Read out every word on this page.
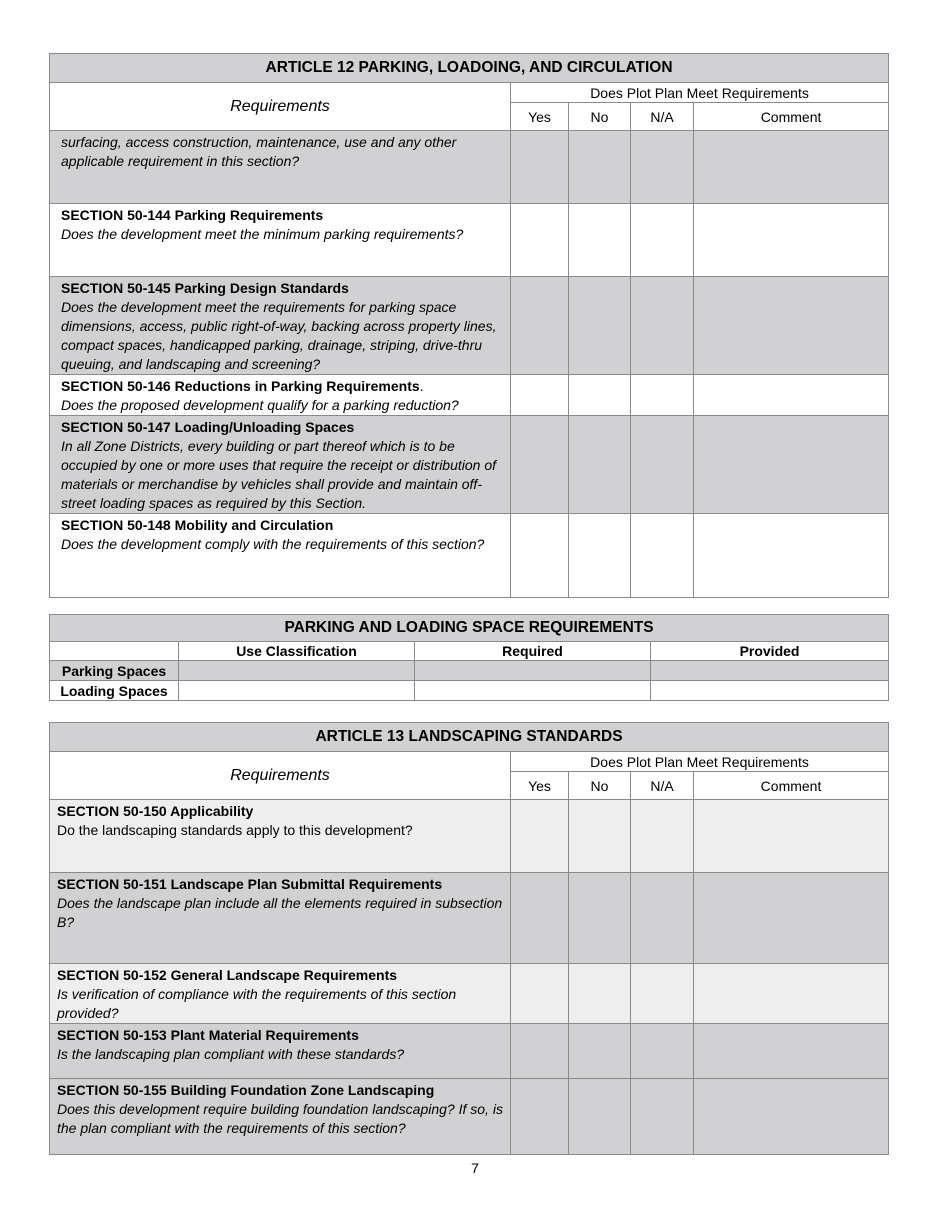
ARTICLE 12 PARKING, LOADOING, AND CIRCULATION				
Requirements	Does Plot Plan Meet Requirements			
	Yes	No	N/A	Comment

surfacing, access construction, maintenance, use and any other applicable requirement in this section?				

SECTION 50-144 Parking Requirements
Does the development meet the minimum parking requirements?				

SECTION 50-145 Parking Design Standards
Does the development meet the requirements for parking space dimensions, access, public right-of-way, backing across property lines, compact spaces, handicapped parking, drainage, striping, drive-thru queuing, and landscaping and screening?				

SECTION 50-146 Reductions in Parking Requirements.
Does the proposed development qualify for a parking reduction?				

SECTION 50-147 Loading/Unloading Spaces
In all Zone Districts, every building or part thereof which is to be occupied by one or more uses that require the receipt or distribution of materials or merchandise by vehicles shall provide and maintain off-street loading spaces as required by this Section.				

SECTION 50-148 Mobility and Circulation
Does the development comply with the requirements of this section?				

PARKING AND LOADING SPACE REQUIREMENTS			
	Use Classification	Required	Provided
Parking Spaces			
Loading Spaces			
ARTICLE 13 LANDSCAPING STANDARDS				
Requirements	Does Plot Plan Meet Requirements			
	Yes	No	N/A	Comment

SECTION 50-150 Applicability
Do the landscaping standards apply to this development?				

SECTION 50-151 Landscape Plan Submittal Requirements
Does the landscape plan include all the elements required in subsection B?				

SECTION 50-152 General Landscape Requirements
Is verification of compliance with the requirements of this section provided?				

SECTION 50-153 Plant Material Requirements
Is the landscaping plan compliant with these standards?				

SECTION 50-155 Building Foundation Zone Landscaping
Does this development require building foundation landscaping? If so, is the plan compliant with the requirements of this section?				

7
